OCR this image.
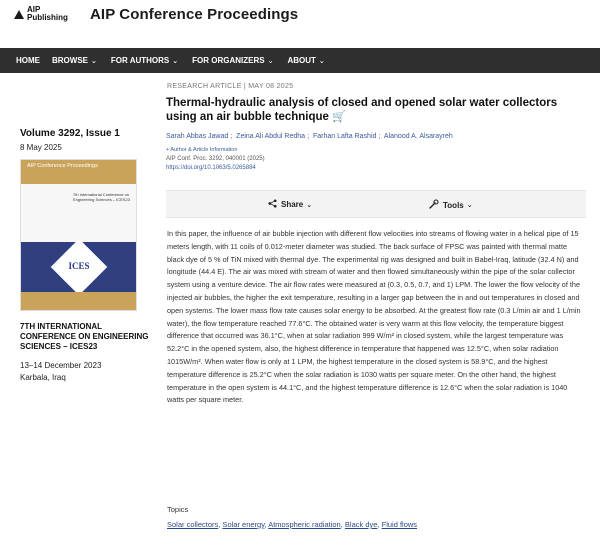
AIP
Publishing AIP Conference Proceedings
HOME BROWSE ⌄ FOR AUTHORS ⌄ FOR ORGANIZERS ⌄ ABOUT ⌄
Volume 3292, Issue 1
8 May 2025
AIP Conference Proceedings
7th International Conference on Engineering Sciences – ICES23
ICES
7TH INTERNATIONAL CONFERENCE ON ENGINEERING SCIENCES – ICES23
13–14 December 2023
Karbala, Iraq
RESEARCH ARTICLE | MAY 08 2025
Thermal-hydraulic analysis of closed and opened solar water collectors using an air bubble technique 🛒
Sarah Abbas Jawad ; Zeina Ali Abdul Redha ; Farhan Lafta Rashid ; Alanood A. Alsarayreh
+ Author & Article Information
AIP Conf. Proc. 3292, 040001 (2025)
https://doi.org/10.1063/5.0265884
Share ⌄	Tools ⌄
In this paper, the influence of air bubble injection with different flow velocities into streams of flowing water in a helical pipe of 15 meters length, with 11 coils of 0.012-meter diameter was studied. The back surface of FPSC was painted with thermal matte black dye of 5 % of TiN mixed with thermal dye. The experimental rig was designed and built in Babel-Iraq, latitude (32.4 N) and longitude (44.4 E). The air was mixed with stream of water and then flowed simultaneously within the pipe of the solar collector system using a venture device. The air flow rates were measured at (0.3, 0.5, 0.7, and 1) LPM. The lower the flow velocity of the injected air bubbles, the higher the exit temperature, resulting in a larger gap between the in and out temperatures in closed and open systems. The lower mass flow rate causes solar energy to be absorbed. At the greatest flow rate (0.3 L/min air and 1 L/min water), the flow temperature reached 77.6°C. The obtained water is very warm at this flow velocity, the temperature biggest difference that occurred was 36.1°C, when at solar radiation 999 W/m² in closed system, while the largest temperature was 52.2°C in the opened system, also, the highest difference in temperature that happened was 12.5°C, when solar radiation 1015W/m². When water flow is only at 1 LPM, the highest temperature in the closed system is 58.9°C, and the highest temperature difference is 25.2°C when the solar radiation is 1030 watts per square meter. On the other hand, the highest temperature in the open system is 44.1°C, and the highest temperature difference is 12.6°C when the solar radiation is 1040 watts per square meter.
Topics
Solar collectors, Solar energy, Atmospheric radiation, Black dye, Fluid flows
